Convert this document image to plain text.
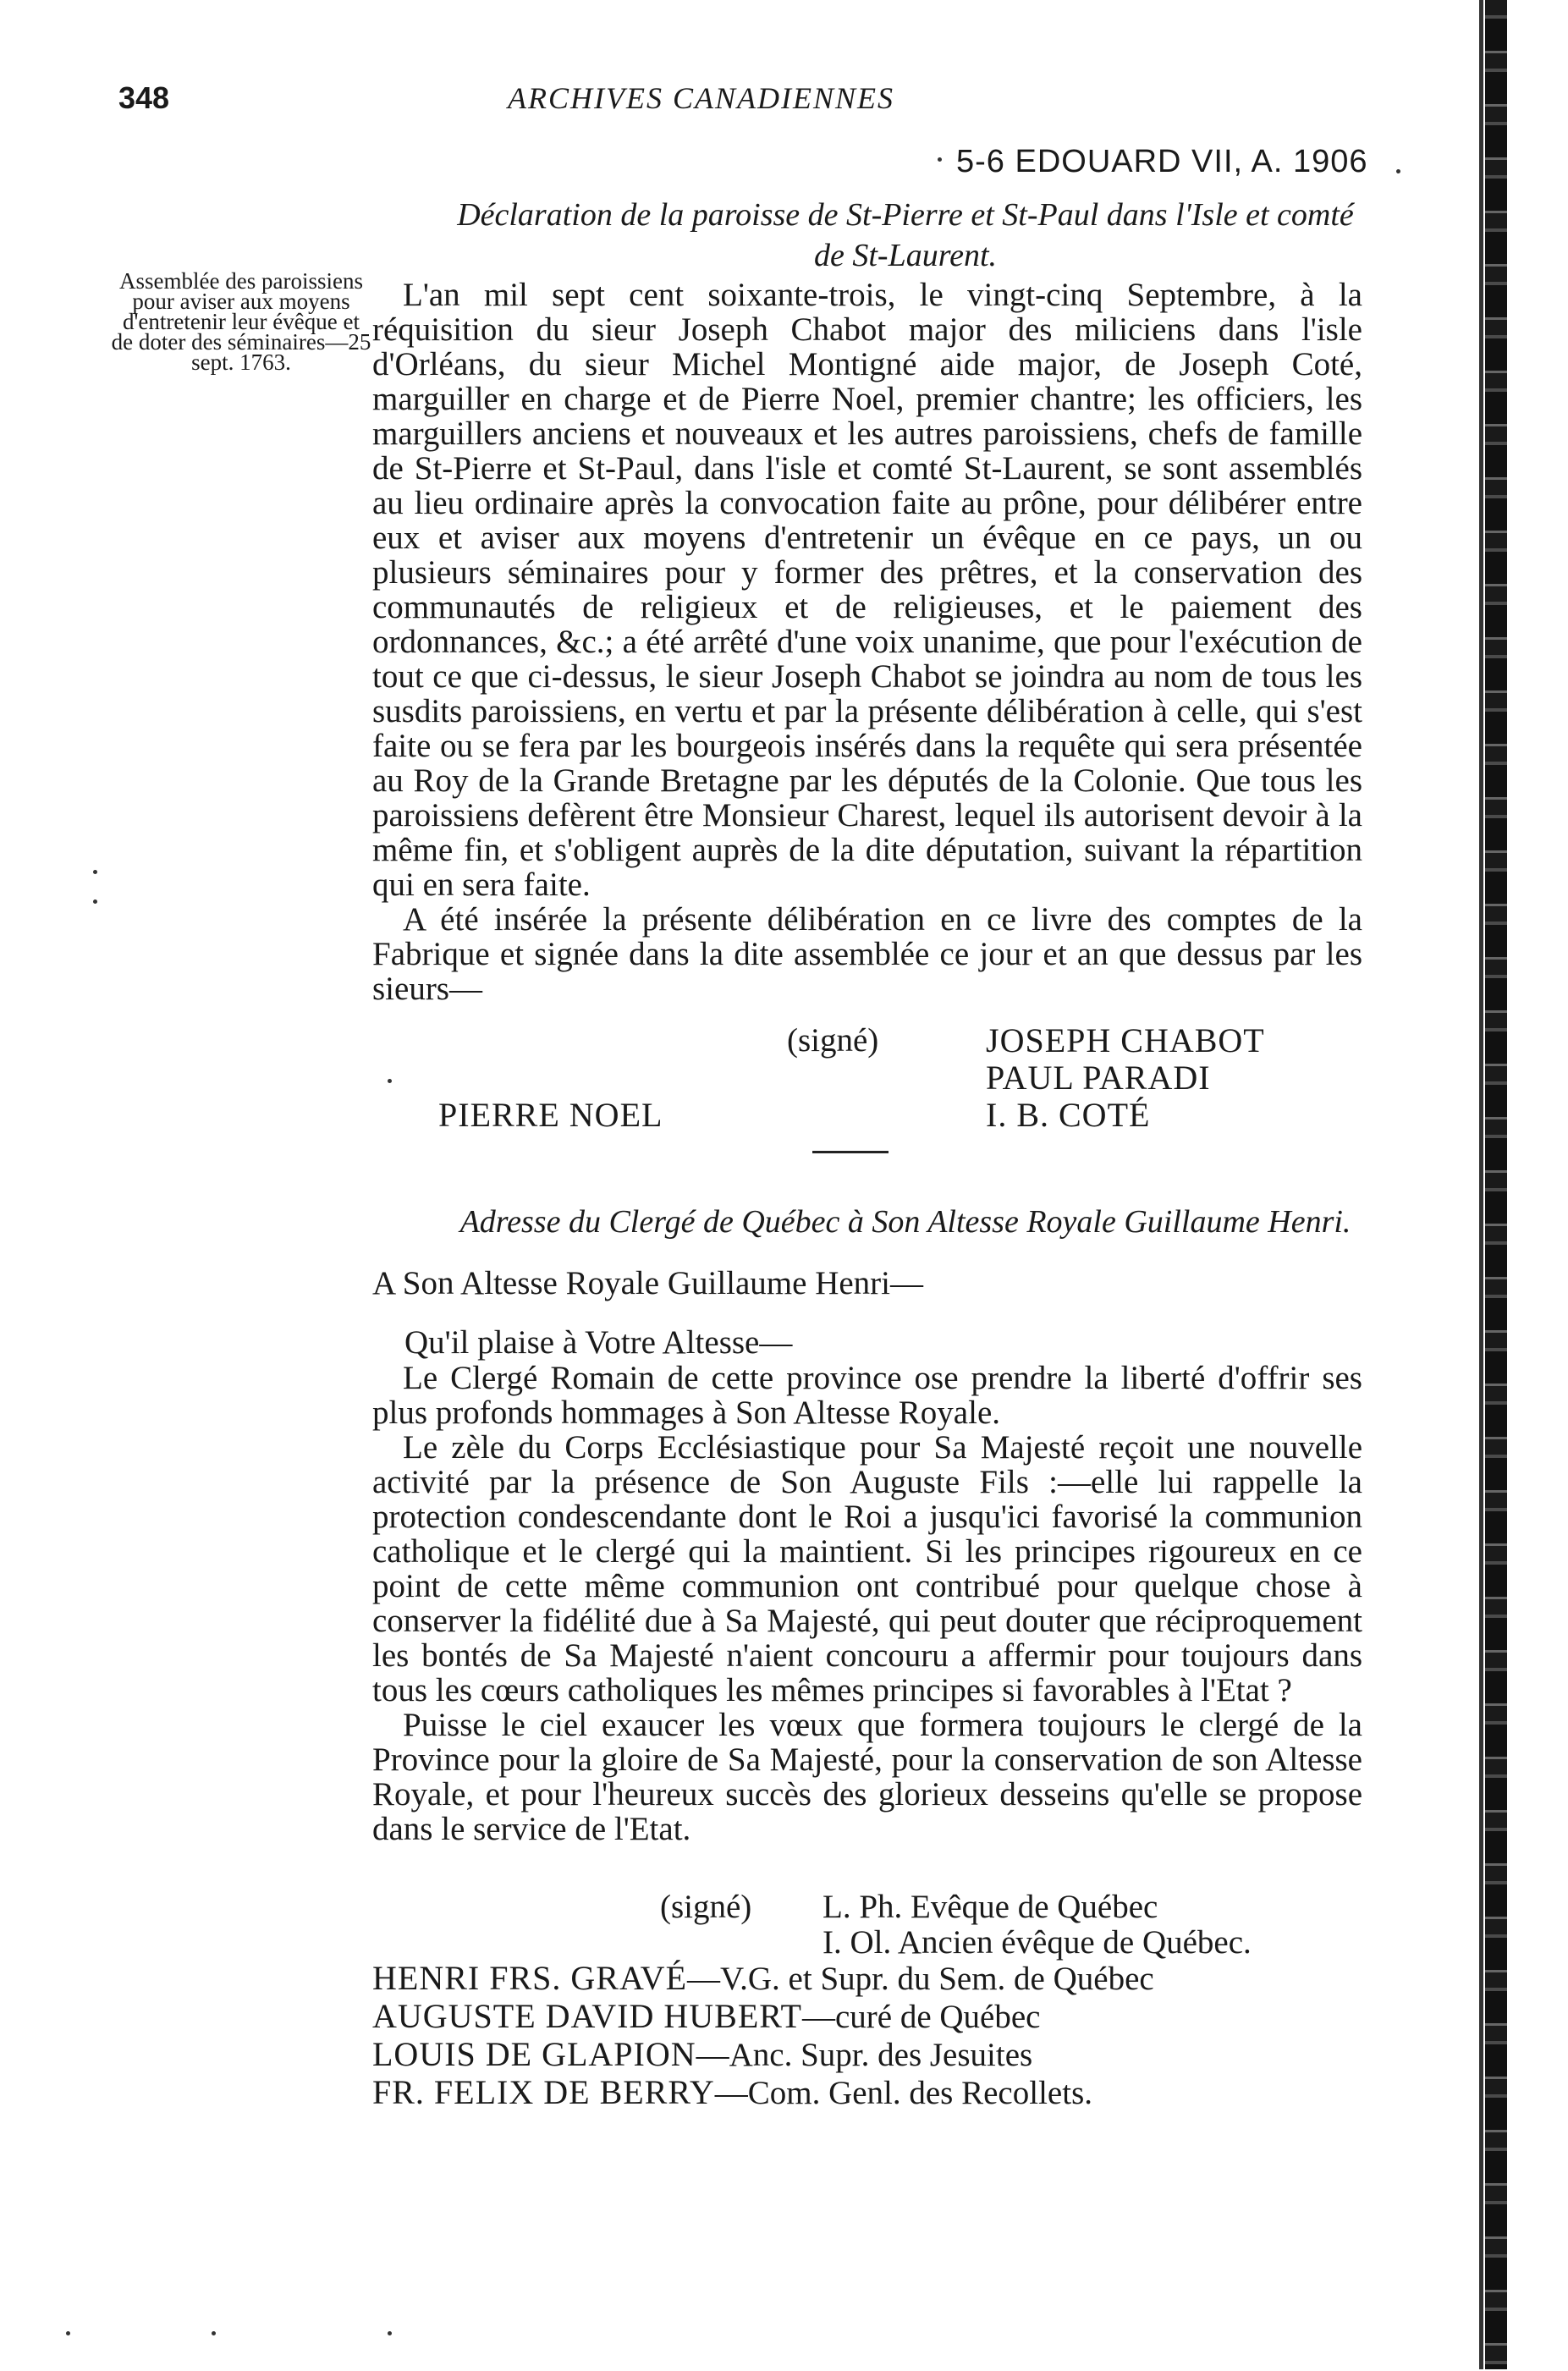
348	ARCHIVES CANADIENNES
5-6 EDOUARD VII, A. 1906
Déclaration de la paroisse de St-Pierre et St-Paul dans l'Isle et comté
de St-Laurent.
Assemblée des paroissiens pour aviser aux moyens d'entretenir leur évêque et de doter des séminaires—25 sept. 1763.

L'an mil sept cent soixante-trois, le vingt-cinq Septembre, à la réquisition du sieur Joseph Chabot major des miliciens dans l'isle d'Orléans, du sieur Michel Montigné aide major, de Joseph Coté, marguiller en charge et de Pierre Noel, premier chantre; les officiers, les marguillers anciens et nouveaux et les autres paroissiens, chefs de famille de St-Pierre et St-Paul, dans l'isle et comté St-Laurent, se sont assemblés au lieu ordinaire après la convocation faite au prône, pour délibérer entre eux et aviser aux moyens d'entretenir un évêque en ce pays, un ou plusieurs séminaires pour y former des prêtres, et la conservation des communautés de religieux et de religieuses, et le paiement des ordonnances, &c.; a été arrêté d'une voix unanime, que pour l'exécution de tout ce que ci-dessus, le sieur Joseph Chabot se joindra au nom de tous les susdits paroissiens, en vertu et par la présente délibération à celle, qui s'est faite ou se fera par les bourgeois insérés dans la requête qui sera présentée au Roy de la Grande Bretagne par les députés de la Colonie. Que tous les paroissiens defèrent être Monsieur Charest, lequel ils autorisent devoir à la même fin, et s'obligent auprès de la dite députation, suivant la répartition qui en sera faite.

A été insérée la présente délibération en ce livre des comptes de la Fabrique et signée dans la dite assemblée ce jour et an que dessus par les sieurs—

(signé)	JOSEPH CHABOT
PAUL PARADI
I. B. COTÉ
PIERRE NOEL
Adresse du Clergé de Québec à Son Altesse Royale Guillaume Henri.
A Son Altesse Royale Guillaume Henri—
Qu'il plaise à Votre Altesse—

Le Clergé Romain de cette province ose prendre la liberté d'offrir ses plus profonds hommages à Son Altesse Royale.

Le zèle du Corps Ecclésiastique pour Sa Majesté reçoit une nouvelle activité par la présence de Son Auguste Fils :—elle lui rappelle la protection condescendante dont le Roi a jusqu'ici favorisé la communion catholique et le clergé qui la maintient. Si les principes rigoureux en ce point de cette même communion ont contribué pour quelque chose à conserver la fidélité due à Sa Majesté, qui peut douter que réciproquement les bontés de Sa Majesté n'aient concouru a affermir pour toujours dans tous les cœurs catholiques les mêmes principes si favorables à l'Etat ?

Puisse le ciel exaucer les vœux que formera toujours le clergé de la Province pour la gloire de Sa Majesté, pour la conservation de son Altesse Royale, et pour l'heureux succès des glorieux desseins qu'elle se propose dans le service de l'Etat.

(signé) L. Ph. Evêque de Québec
I. Ol. Ancien évêque de Québec.
HENRI FRS. GRAVÉ—V.G. et Supr. du Sem. de Québec
AUGUSTE DAVID HUBERT—curé de Québec
LOUIS DE GLAPION—Anc. Supr. des Jesuites
FR. FELIX DE BERRY—Com. Genl. des Recollets.
